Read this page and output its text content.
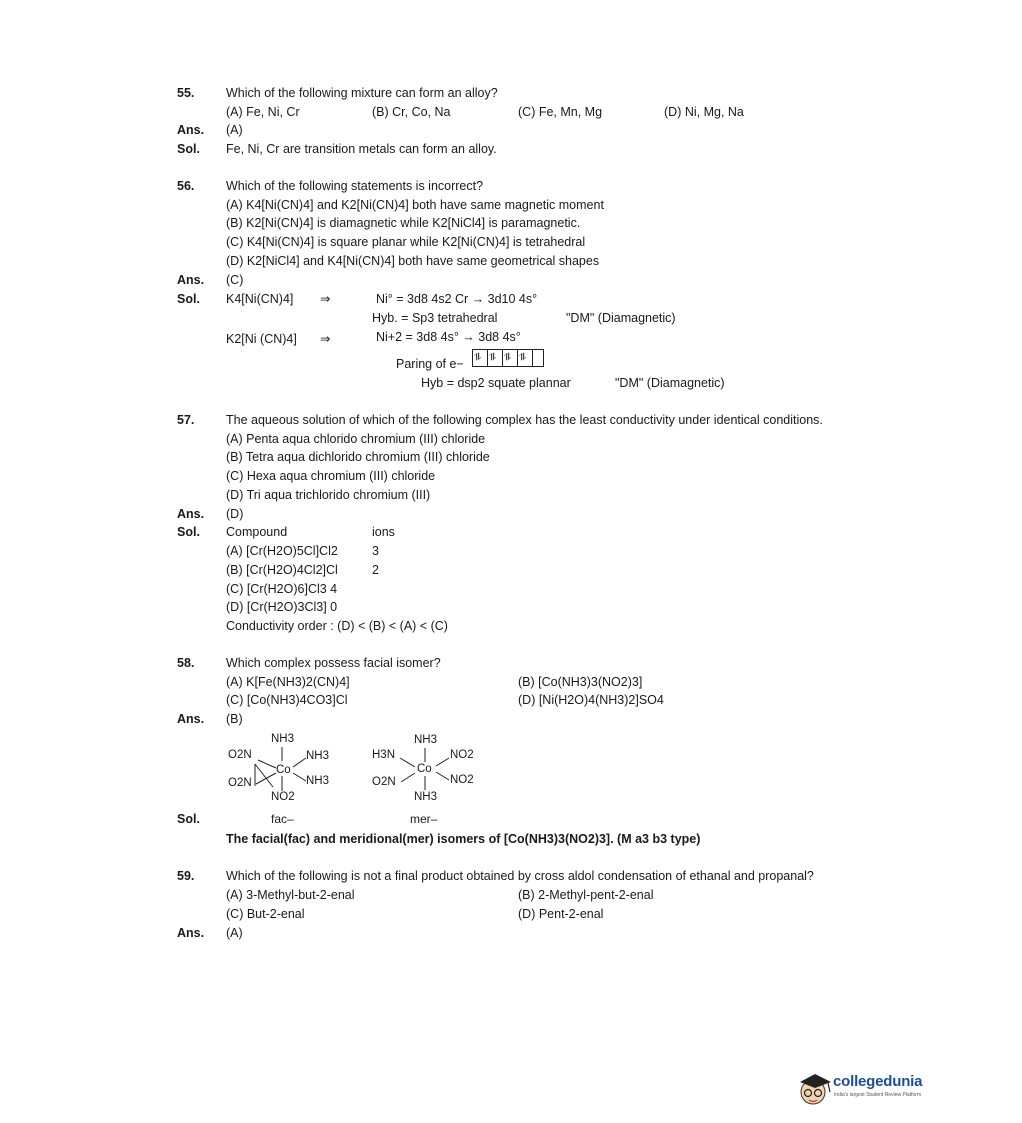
55.	Which of the following mixture can form an alloy?
(A) Fe, Ni, Cr	(B) Cr, Co, Na	(C) Fe, Mn, Mg	(D) Ni, Mg, Na
Ans. (A)
Sol. Fe, Ni, Cr are transition metals can form an alloy.
56.	Which of the following statements is incorrect?
(A) K4[Ni(CN)4] and K2[Ni(CN)4] both have same magnetic moment
(B) K2[Ni(CN)4] is diamagnetic while K2[NiCl4] is paramagnetic.
(C) K4[Ni(CN)4] is square planar while K2[Ni(CN)4] is tetrahedral
(D) K2[NiCl4] and K4[Ni(CN)4] both have same geometrical shapes
Ans. (C)
Sol. K4[Ni(CN)4] ⇒	Ni° = 3d8 4s2 Cr → 3d10 4s°
Hyb. = Sp3 tetrahedral	"DM" (Diamagnetic)
K2[Ni (CN)4] ⇒	Ni+2 = 3d8 4s° → 3d8 4s°
Paring of e− ⥮ ⥮ ⥮ ⥮
Hyb = dsp2 squate plannar	"DM" (Diamagnetic)
57.	The aqueous solution of which of the following complex has the least conductivity under identical conditions.
(A) Penta aqua chlorido chromium (III) chloride
(B) Tetra aqua dichlorido chromium (III) chloride
(C) Hexa aqua chromium (III) chloride
(D) Tri aqua trichlorido chromium (III)
Ans. (D)
Sol. Compound	ions
(A) [Cr(H2O)5Cl]Cl2	3
(B) [Cr(H2O)4Cl2]Cl	2
(C) [Cr(H2O)6]Cl3 4
(D) [Cr(H2O)3Cl3] 0
Conductivity order : (D) < (B) < (A) < (C)
58.	Which complex possess facial isomer?
(A) K[Fe(NH3)2(CN)4]	(B) [Co(NH3)3(NO2)3]
(C) [Co(NH3)4CO3]Cl	(D) [Ni(H2O)4(NH3)2]SO4
Ans. (B)
NH3
O2N
O2N
NH3
NH3
NO2
Co
fac–
NH3
H3N
O2N
NO2
NO2
NH3
Co
mer–
Sol.
The facial(fac) and meridional(mer) isomers of [Co(NH3)3(NO2)3]. (M a3 b3 type)
59.	Which of the following is not a final product obtained by cross aldol condensation of ethanal and propanal?
(A) 3-Methyl-but-2-enal	(B) 2-Methyl-pent-2-enal
(C) But-2-enal	(D) Pent-2-enal
Ans. (A)
collegedunia
India's largest Student Review Platform
